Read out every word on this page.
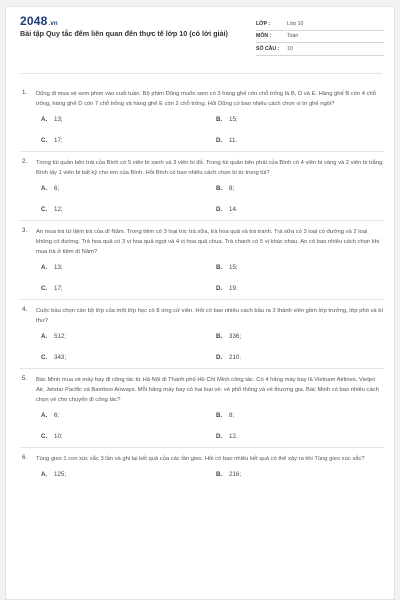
2048.vn
Bài tập Quy tắc đếm liên quan đến thực tế lớp 10 (có lời giải)
LỚP :	Lớp 10
MÔN :	Toán
SỐ CÂU :	10
1. Dũng đi mua vé xem phim vào cuối tuần. Bộ phim Dũng muốn xem có 3 hàng ghế còn chỗ trống là B, D và E. Hàng ghế B còn 4 chỗ trống, hàng ghế D còn 7 chỗ trống và hàng ghế E còn 2 chỗ trống. Hỏi Dũng có bao nhiêu cách chọn vị trí ghế ngồi?
A.	13;	B.	15;
C.	17;	D.	11.
2. Trong túi quần bên trái của Bình có 5 viên bi xanh và 3 viên bi đỏ. Trong túi quần bên phải của Bình có 4 viên bi vàng và 2 viên bi trắng. Bình lấy 1 viên bi bất kỳ cho em của Bình. Hỏi Bình có bao nhiêu cách chọn bi từ trong túi?
A.	6;	B.	8;
C.	12;	D.	14.
3. An mua trà từ tiệm trà của dì Năm. Trong tiệm có 3 loại trà: trà sữa, trà hoa quả và trà tranh. Trà sữa có 3 loại có đường và 2 loại không có đường. Trà hoa quả có 3 vị hoa quả ngọt và 4 vị hoa quả chua. Trà chanh có 5 vị khác nhau. An có bao nhiêu cách chọn khi mua trà ở tiệm dì Năm?
A.	13;	B.	15;
C.	17;	D.	19.
4. Cuộc bầu chọn cán bộ lớp của một lớp học có 8 ứng cử viên. Hỏi có bao nhiêu cách bầu ra 3 thành viên gồm lớp trưởng, lớp phó và bí thư?
A.	512;	B.	336;
C.	343;	D.	210.
5. Bác Minh mua vé máy bay đi công tác từ Hà Nội đi Thành phố Hồ Chí Minh công tác. Có 4 hãng máy bay là Vietnam Airlines, Vietjet Air, Jetstar Pacific và Bamboo Airways. Mỗi hãng máy bay có hai loại vé: vé phổ thông và vé thương gia. Bác Minh có bao nhiêu cách chọn vé cho chuyến đi công tác?
A.	6;	B.	8;
C.	10;	D.	12.
6. Tùng gieo 1 con xúc xắc 3 lần và ghi lại kết quả của các lần gieo. Hỏi có bao nhiêu kết quả có thể xảy ra khi Tùng gieo xúc xắc?
A.	125;	B.	216;
